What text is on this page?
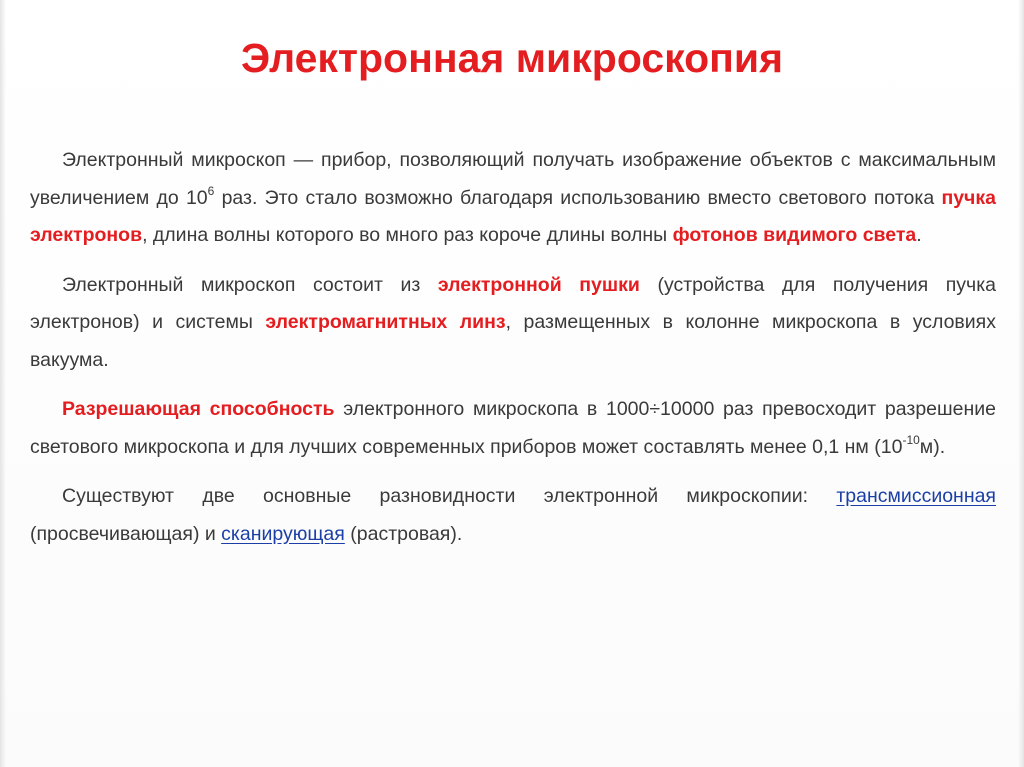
Электронная микроскопия

Электронный микроскоп — прибор, позволяющий получать изображение объектов с максимальным увеличением до $10^6$ раз. Это стало возможно благодаря использованию вместо светового потока пучка электронов, длина волны которого во много раз короче длины волны фотонов видимого света.

Электронный микроскоп состоит из электронной пушки (устройства для получения пучка электронов) и системы электромагнитных линз, размещенных в колонне микроскопа в условиях вакуума.

Разрешающая способность электронного микроскопа в 1000÷10000 раз превосходит разрешение светового микроскопа и для лучших современных приборов может составлять менее 0,1 нм $(10^{-10}м)$.

Существуют две основные разновидности электронной микроскопии: трансмиссионная (просвечивающая) и сканирующая (растровая).
